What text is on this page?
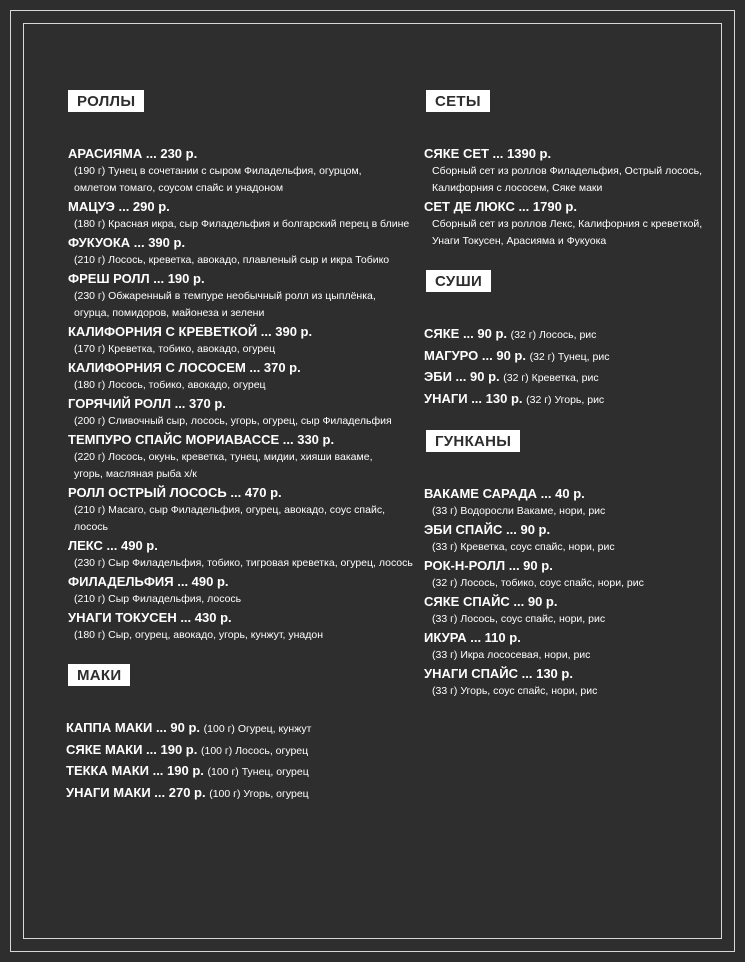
РОЛЛЫ
АРАСИЯМА ... 230 р.
(190 г) Тунец в сочетании с сыром Филадельфия, огурцом,
омлетом томаго, соусом спайс и унадоном
МАЦУЭ ... 290 р.
(180 г) Красная икра, сыр Филадельфия и болгарский перец в блине
ФУКУОКА ... 390 р.
(210 г) Лосось, креветка, авокадо, плавленый сыр и икра Тобико
ФРЕШ РОЛЛ ... 190 р.
(230 г) Обжаренный в темпуре необычный ролл из цыплёнка,
огурца, помидоров, майонеза и зелени
КАЛИФОРНИЯ С КРЕВЕТКОЙ ... 390 р.
(170 г) Креветка, тобико, авокадо, огурец
КАЛИФОРНИЯ С ЛОСОСЕМ ... 370 р.
(180 г) Лосось, тобико, авокадо, огурец
ГОРЯЧИЙ РОЛЛ ... 370 р.
(200 г) Сливочный сыр, лосось, угорь, огурец, сыр Филадельфия
ТЕМПУРО СПАЙС МОРИАВАССЕ ... 330 р.
(220 г) Лосось, окунь, креветка, тунец, мидии, хияши вакаме,
угорь, масляная рыба х/к
РОЛЛ ОСТРЫЙ ЛОСОСЬ ... 470 р.
(210 г) Масаго, сыр Филадельфия, огурец, авокадо, соус спайс, лосось
ЛЕКС ... 490 р.
(230 г) Сыр Филадельфия, тобико, тигровая креветка, огурец, лосось
ФИЛАДЕЛЬФИЯ ... 490 р.
(210 г) Сыр Филадельфия, лосось
УНАГИ ТОКУСЕН ... 430 р.
(180 г) Сыр, огурец, авокадо, угорь, кунжут, унадон
МАКИ
КАППА МАКИ ... 90 р. (100 г) Огурец, кунжут
СЯКЕ МАКИ ... 190 р. (100 г) Лосось, огурец
ТЕККА МАКИ ... 190 р. (100 г) Тунец, огурец
УНАГИ МАКИ ... 270 р. (100 г) Угорь, огурец
СЕТЫ
СЯКЕ СЕТ ... 1390 р.
Сборный сет из роллов Филадельфия, Острый лосось,
Калифорния с лососем, Сяке маки
СЕТ ДЕ ЛЮКС ... 1790 р.
Сборный сет из роллов Лекс, Калифорния с креветкой,
Унаги Токусен, Арасияма и Фукуока
СУШИ
СЯКЕ ... 90 р. (32 г) Лосось, рис
МАГУРО ... 90 р. (32 г) Тунец, рис
ЭБИ ... 90 р. (32 г) Креветка, рис
УНАГИ ... 130 р. (32 г) Угорь, рис
ГУНКАНЫ
ВАКАМЕ САРАДА ... 40 р.
(33 г) Водоросли Вакаме, нори, рис
ЭБИ СПАЙС ... 90 р.
(33 г) Креветка, соус спайс, нори, рис
РОК-Н-РОЛЛ ... 90 р.
(32 г) Лосось, тобико, соус спайс, нори, рис
СЯКЕ СПАЙС ... 90 р.
(33 г) Лосось, соус спайс, нори, рис
ИКУРА ... 110 р.
(33 г) Икра лососевая, нори, рис
УНАГИ СПАЙС ... 130 р.
(33 г) Угорь, соус спайс, нори, рис
